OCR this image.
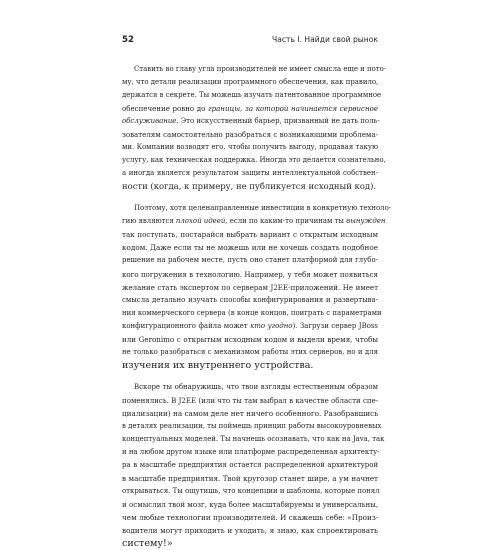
52	Часть I. Найди свой рынок
Ставить во главу угла производителей не имеет смысла еще и пото-
му, что детали реализации программного обеспечения, как правило,
держатся в секрете. Ты можешь изучать патентованное программное
обеспечение ровно до границы, за которой начинается сервисное
обслуживание. Это искусственный барьер, призванный не дать поль-
зователям самостоятельно разобраться с возникающими проблема-
ми. Компании возводят его, чтобы получить выгоду, продавая такую
услугу, как техническая поддержка. Иногда это делается сознательно,
а иногда является результатом защиты интеллектуальной собствен-
ности (когда, к примеру, не публикуется исходный код).
Поэтому, хотя целенаправленные инвестиции в конкретную техноло-
гию являются плохой идеей, если по каким-то причинам ты вынужден
так поступать, постарайся выбрать вариант с открытым исходным
кодом. Даже если ты не можешь или не хочешь создать подобное
решение на рабочем месте, пусть оно станет платформой для глубо-
кого погружения в технологию. Например, у тебя может появиться
желание стать экспертом по серверам J2EE-приложений. Не имеет
смысла детально изучать способы конфигурирования и развертыва-
ния коммерческого сервера (в конце концов, поиграть с параметрами
конфигурационного файла может кто угодно). Загрузи сервер JBoss
или Geronimo с открытым исходным кодом и выдели время, чтобы
не только разобраться с механизмом работы этих серверов, но и для
изучения их внутреннего устройства.
Вскоре ты обнаружишь, что твои взгляды естественным образом
поменялись. В J2EE (или что ты там выбрал в качестве области спе-
циализации) на самом деле нет ничего особенного. Разобравшись
в деталях реализации, ты поймешь принцип работы высокоуровневых
концептуальных моделей. Ты начнешь осознавать, что как на Java, так
и на любом другом языке или платформе распределенная архитекту-
ра в масштабе предприятия остается распределенной архитектурой
в масштабе предприятия. Твой кругозор станет шире, а ум начнет
открываться. Ты ощутишь, что концепции и шаблоны, которые понял
и осмыслил твой мозг, куда более масштабируемы и универсальны,
чем любые технологии производителей. И скажешь себе: «Произ-
водители могут приходить и уходить, я знаю, как спроектировать
систему!»
